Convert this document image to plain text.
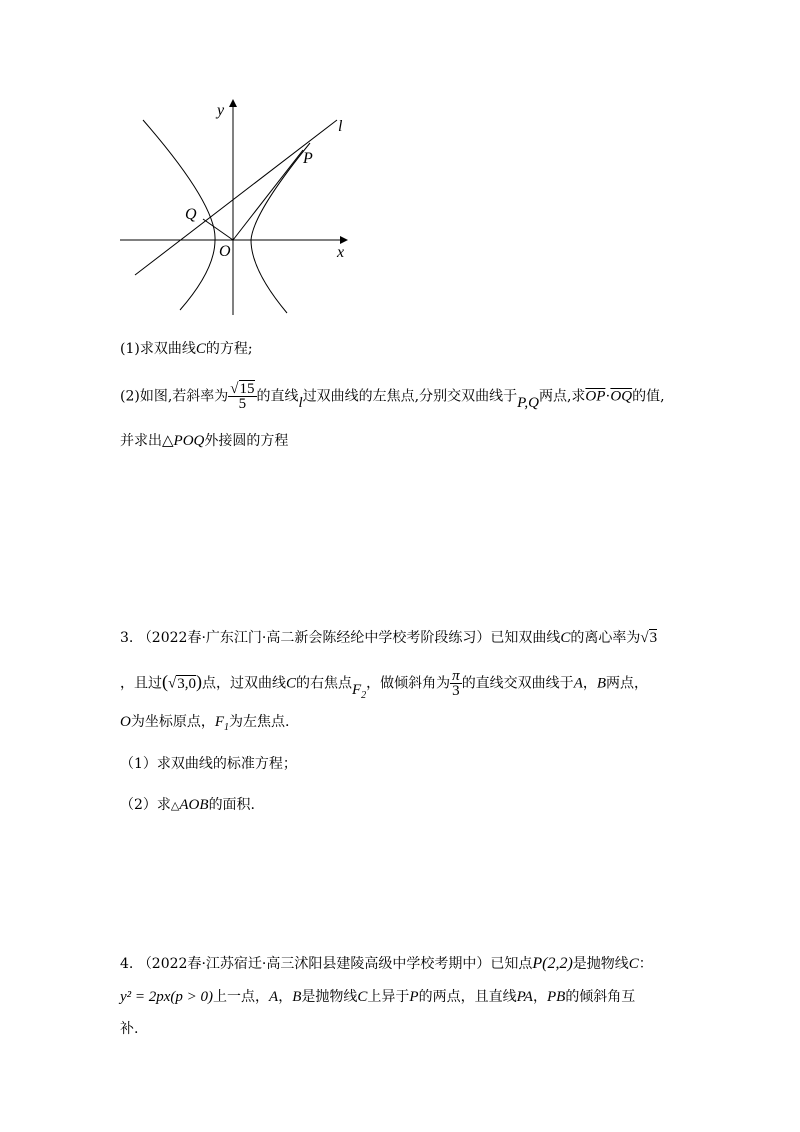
y
l
P
Q
O	x
(1)求双曲线C的方程;
(2)如图,若斜率为 $\frac{√15}{5}$ 的直线l过双曲线的左焦点,分别交双曲线于P,Q两点,求$\overline{OP}\cdot\overline{OQ}$的值,
并求出△POQ外接圆的方程
3. （2022春·广东江门·高二新会陈经纶中学校考阶段练习）已知双曲线C的离心率为√3
，且过(√3,0)点，过双曲线C的右焦点$F_2$，做倾斜角为 $\frac{\pi}{3}$ 的直线交双曲线于A，B两点，
O为坐标原点，$F_1$为左焦点.
（1）求双曲线的标准方程；
（2）求△AOB的面积.
4. （2022春·江苏宿迁·高三沭阳县建陵高级中学校考期中）已知点P(2,2)是抛物线C：
y² = 2px(p > 0)上一点，A，B是抛物线C上异于P的两点，且直线PA，PB的倾斜角互
补.
